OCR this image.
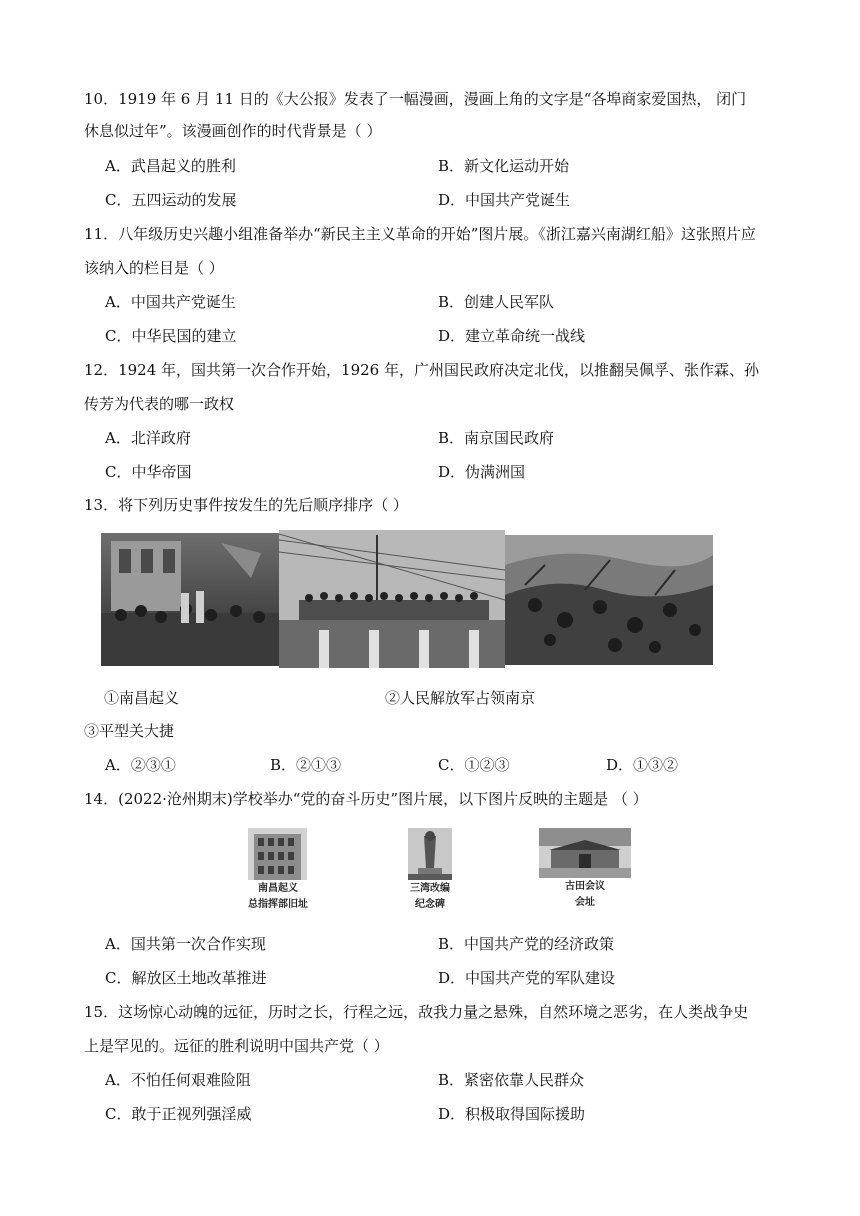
10．1919 年 6 月 11 日的《大公报》发表了一幅漫画，漫画上角的文字是“各埠商家爱国热， 闭门
休息似过年”。该漫画创作的时代背景是（ ）
A．武昌起义的胜利	B．新文化运动开始
C．五四运动的发展	D．中国共产党诞生
11．八年级历史兴趣小组准备举办“新民主主义革命的开始”图片展。《浙江嘉兴南湖红船》这张照片应
该纳入的栏目是（ ）
A．中国共产党诞生	B．创建人民军队
C．中华民国的建立	D．建立革命统一战线
12．1924 年，国共第一次合作开始，1926 年，广州国民政府决定北伐，以推翻吴佩孚、张作霖、孙
传芳为代表的哪一政权
A．北洋政府	B．南京国民政府
C．中华帝国	D．伪满洲国
13．将下列历史事件按发生的先后顺序排序（ ）
①南昌起义	②人民解放军占领南京
③平型关大捷
A．②③①	B．②①③	C．①②③	D．①③②
14．(2022·沧州期末)学校举办“党的奋斗历史”图片展，以下图片反映的主题是 （ ）
南昌起义
总指挥部旧址
三湾改编
纪念碑
古田会议
会址
A．国共第一次合作实现	B．中国共产党的经济政策
C．解放区土地改革推进	D．中国共产党的军队建设
15．这场惊心动魄的远征，历时之长，行程之远，敌我力量之悬殊，自然环境之恶劣，在人类战争史
上是罕见的。远征的胜利说明中国共产党（ ）
A．不怕任何艰难险阻	B．紧密依靠人民群众
C．敢于正视列强淫威	D．积极取得国际援助
